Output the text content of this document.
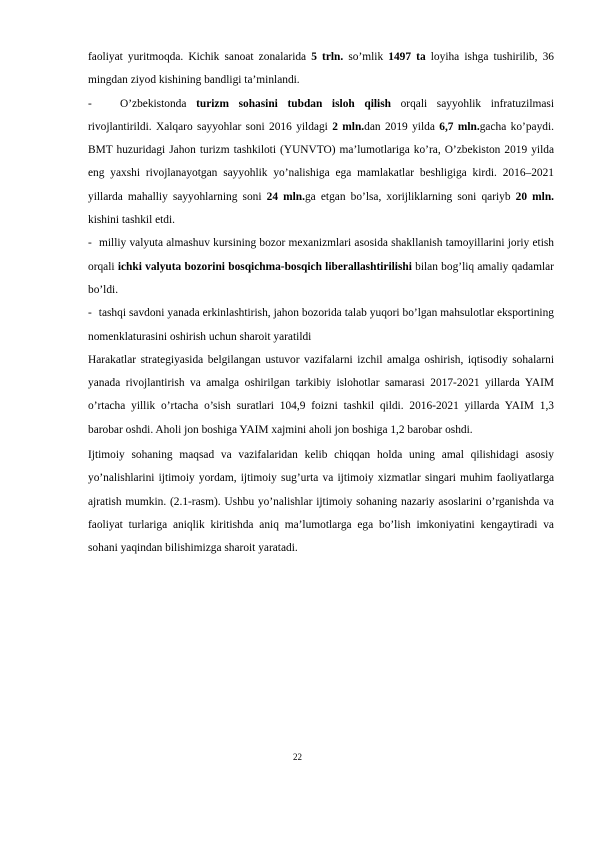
faoliyat yuritmoqda. Kichik sanoat zonalarida 5 trln. so’mlik 1497 ta loyiha ishga tushirilib, 36 mingdan ziyod kishining bandligi ta’minlandi.

- O’zbekistonda turizm sohasini tubdan isloh qilish orqali sayyohlik infratuzilmasi rivojlantirildi. Xalqaro sayyohlar soni 2016 yildagi 2 mln.dan 2019 yilda 6,7 mln.gacha ko’paydi. BMT huzuridagi Jahon turizm tashkiloti (YUNVTO) ma’lumotlariga ko’ra, O’zbekiston 2019 yilda eng yaxshi rivojlanayotgan sayyohlik yo’nalishiga ega mamlakatlar beshligiga kirdi. 2016–2021 yillarda mahalliy sayyohlarning soni 24 mln.ga etgan bo’lsa, xorijliklarning soni qariyb 20 mln. kishini tashkil etdi.

- milliy valyuta almashuv kursining bozor mexanizmlari asosida shakllanish tamoyillarini joriy etish orqali ichki valyuta bozorini bosqichma-bosqich liberallashtirilishi bilan bog’liq amaliy qadamlar bo’ldi.

- tashqi savdoni yanada erkinlashtirish, jahon bozorida talab yuqori bo’lgan mahsulotlar eksportining nomenklaturasini oshirish uchun sharoit yaratildi

Harakatlar strategiyasida belgilangan ustuvor vazifalarni izchil amalga oshirish, iqtisodiy sohalarni yanada rivojlantirish va amalga oshirilgan tarkibiy islohotlar samarasi 2017-2021 yillarda YAIM o’rtacha yillik o’rtacha o’sish suratlari 104,9 foizni tashkil qildi. 2016-2021 yillarda YAIM 1,3 barobar oshdi. Aholi jon boshiga YAIM xajmini aholi jon boshiga 1,2 barobar oshdi.

Ijtimoiy sohaning maqsad va vazifalaridan kelib chiqqan holda uning amal qilishidagi asosiy yo’nalishlarini ijtimoiy yordam, ijtimoiy sug’urta va ijtimoiy xizmatlar singari muhim faoliyatlarga ajratish mumkin. (2.1-rasm). Ushbu yo’nalishlar ijtimoiy sohaning nazariy asoslarini o’rganishda va faoliyat turlariga aniqlik kiritishda aniq ma’lumotlarga ega bo’lish imkoniyatini kengaytiradi va sohani yaqindan bilishimizga sharoit yaratadi.

22
